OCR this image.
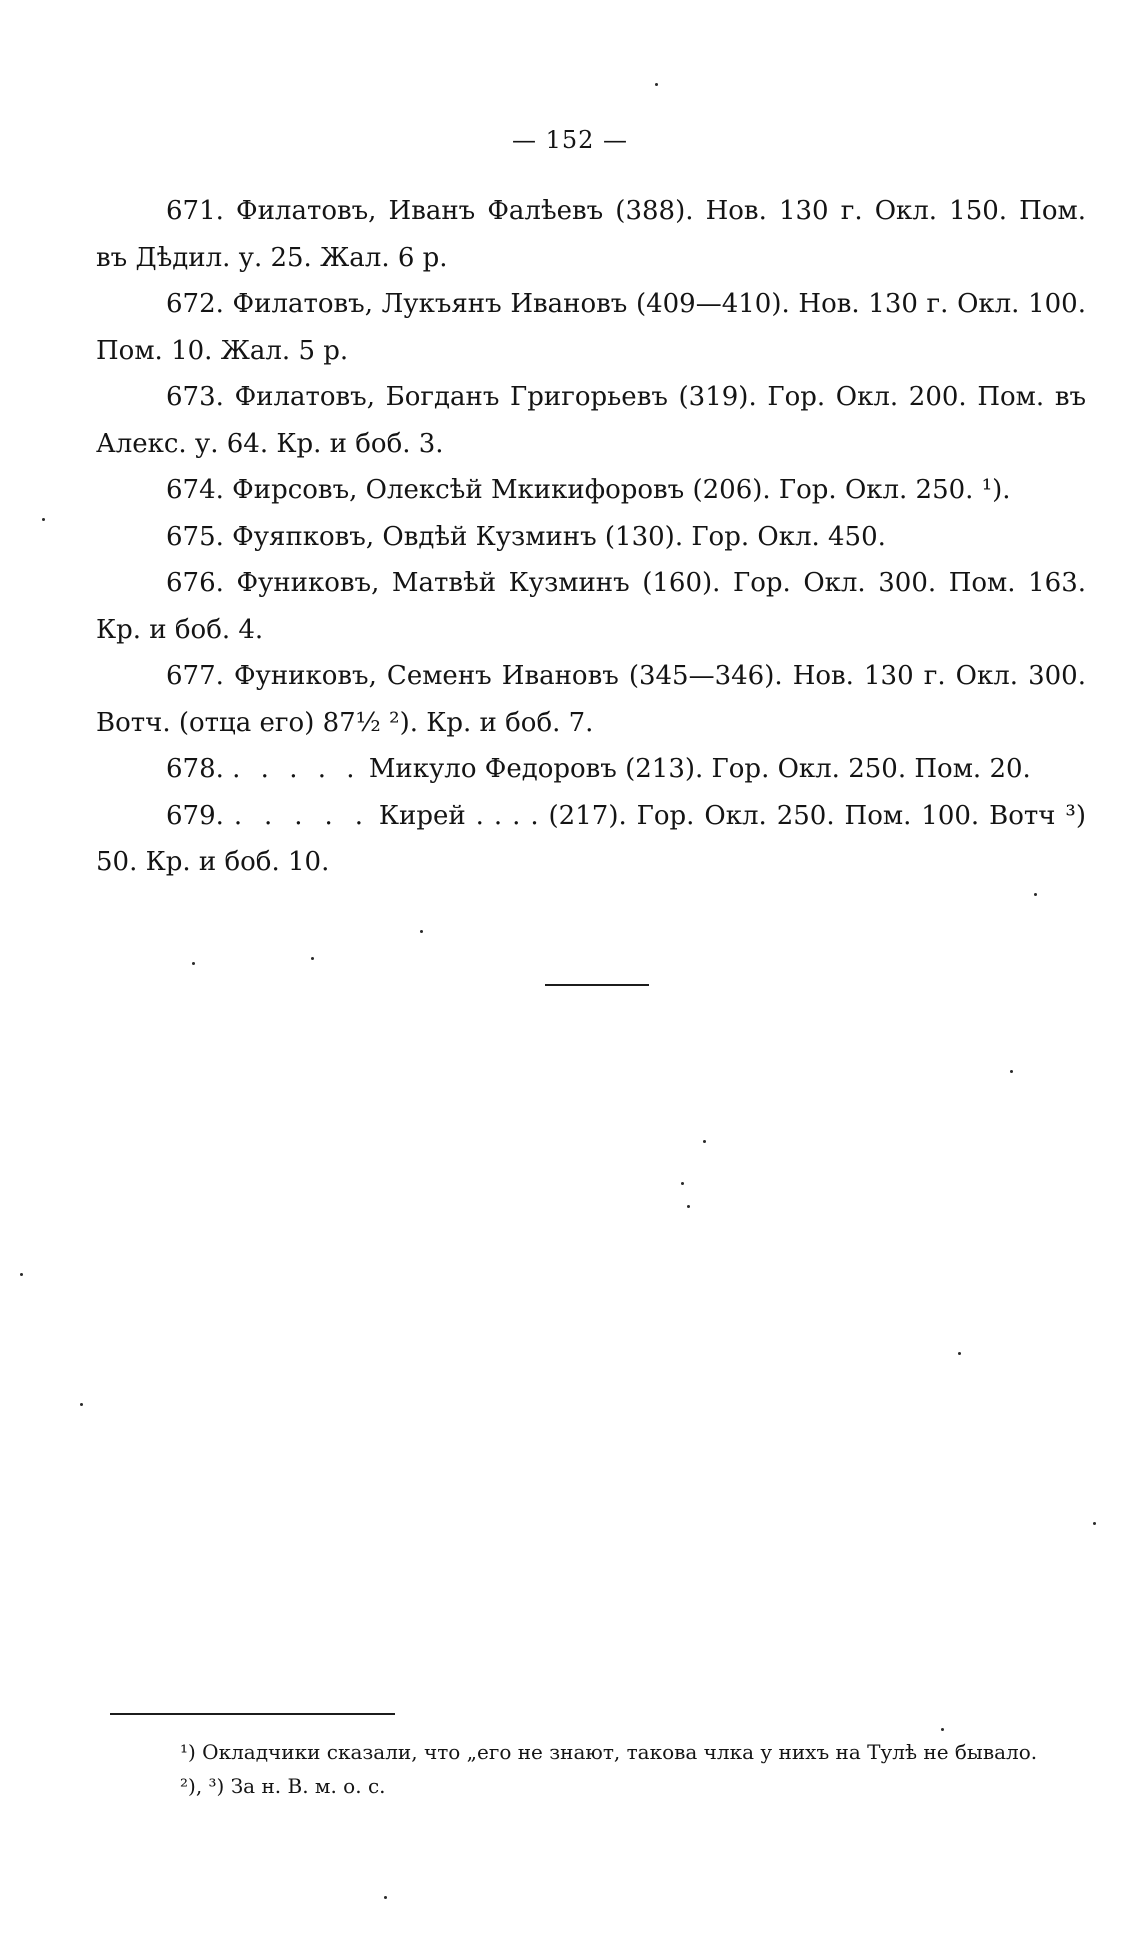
— 152 —

671. Филатовъ, Иванъ Фалѣевъ (388). Нов. 130 г. Окл. 150. Пом. въ Дѣдил. у. 25. Жал. 6 р.

672. Филатовъ, Лукъянъ Ивановъ (409—410). Нов. 130 г. Окл. 100. Пом. 10. Жал. 5 р.

673. Филатовъ, Богданъ Григорьевъ (319). Гор. Окл. 200. Пом. въ Алекс. у. 64. Кр. и боб. 3.

674. Фирсовъ, Олексѣй Мкикифоровъ (206). Гор. Окл. 250. ¹).

675. Фуяпковъ, Овдѣй Кузминъ (130). Гор. Окл. 450.

676. Фуниковъ, Матвѣй Кузминъ (160). Гор. Окл. 300. Пом. 163. Кр. и боб. 4.

677. Фуниковъ, Семенъ Ивановъ (345—346). Нов. 130 г. Окл. 300. Вотч. (отца его) 87½ ²). Кр. и боб. 7.

678. . . . . . Микуло Федоровъ (213). Гор. Окл. 250. Пом. 20.

679. . . . . . Кирей . . . . (217). Гор. Окл. 250. Пом. 100. Вотч ³) 50. Кр. и боб. 10.

¹) Окладчики сказали, что „его не знают, такова члка у нихъ на Тулѣ не бывало.

²), ³) За н. В. м. о. с.
